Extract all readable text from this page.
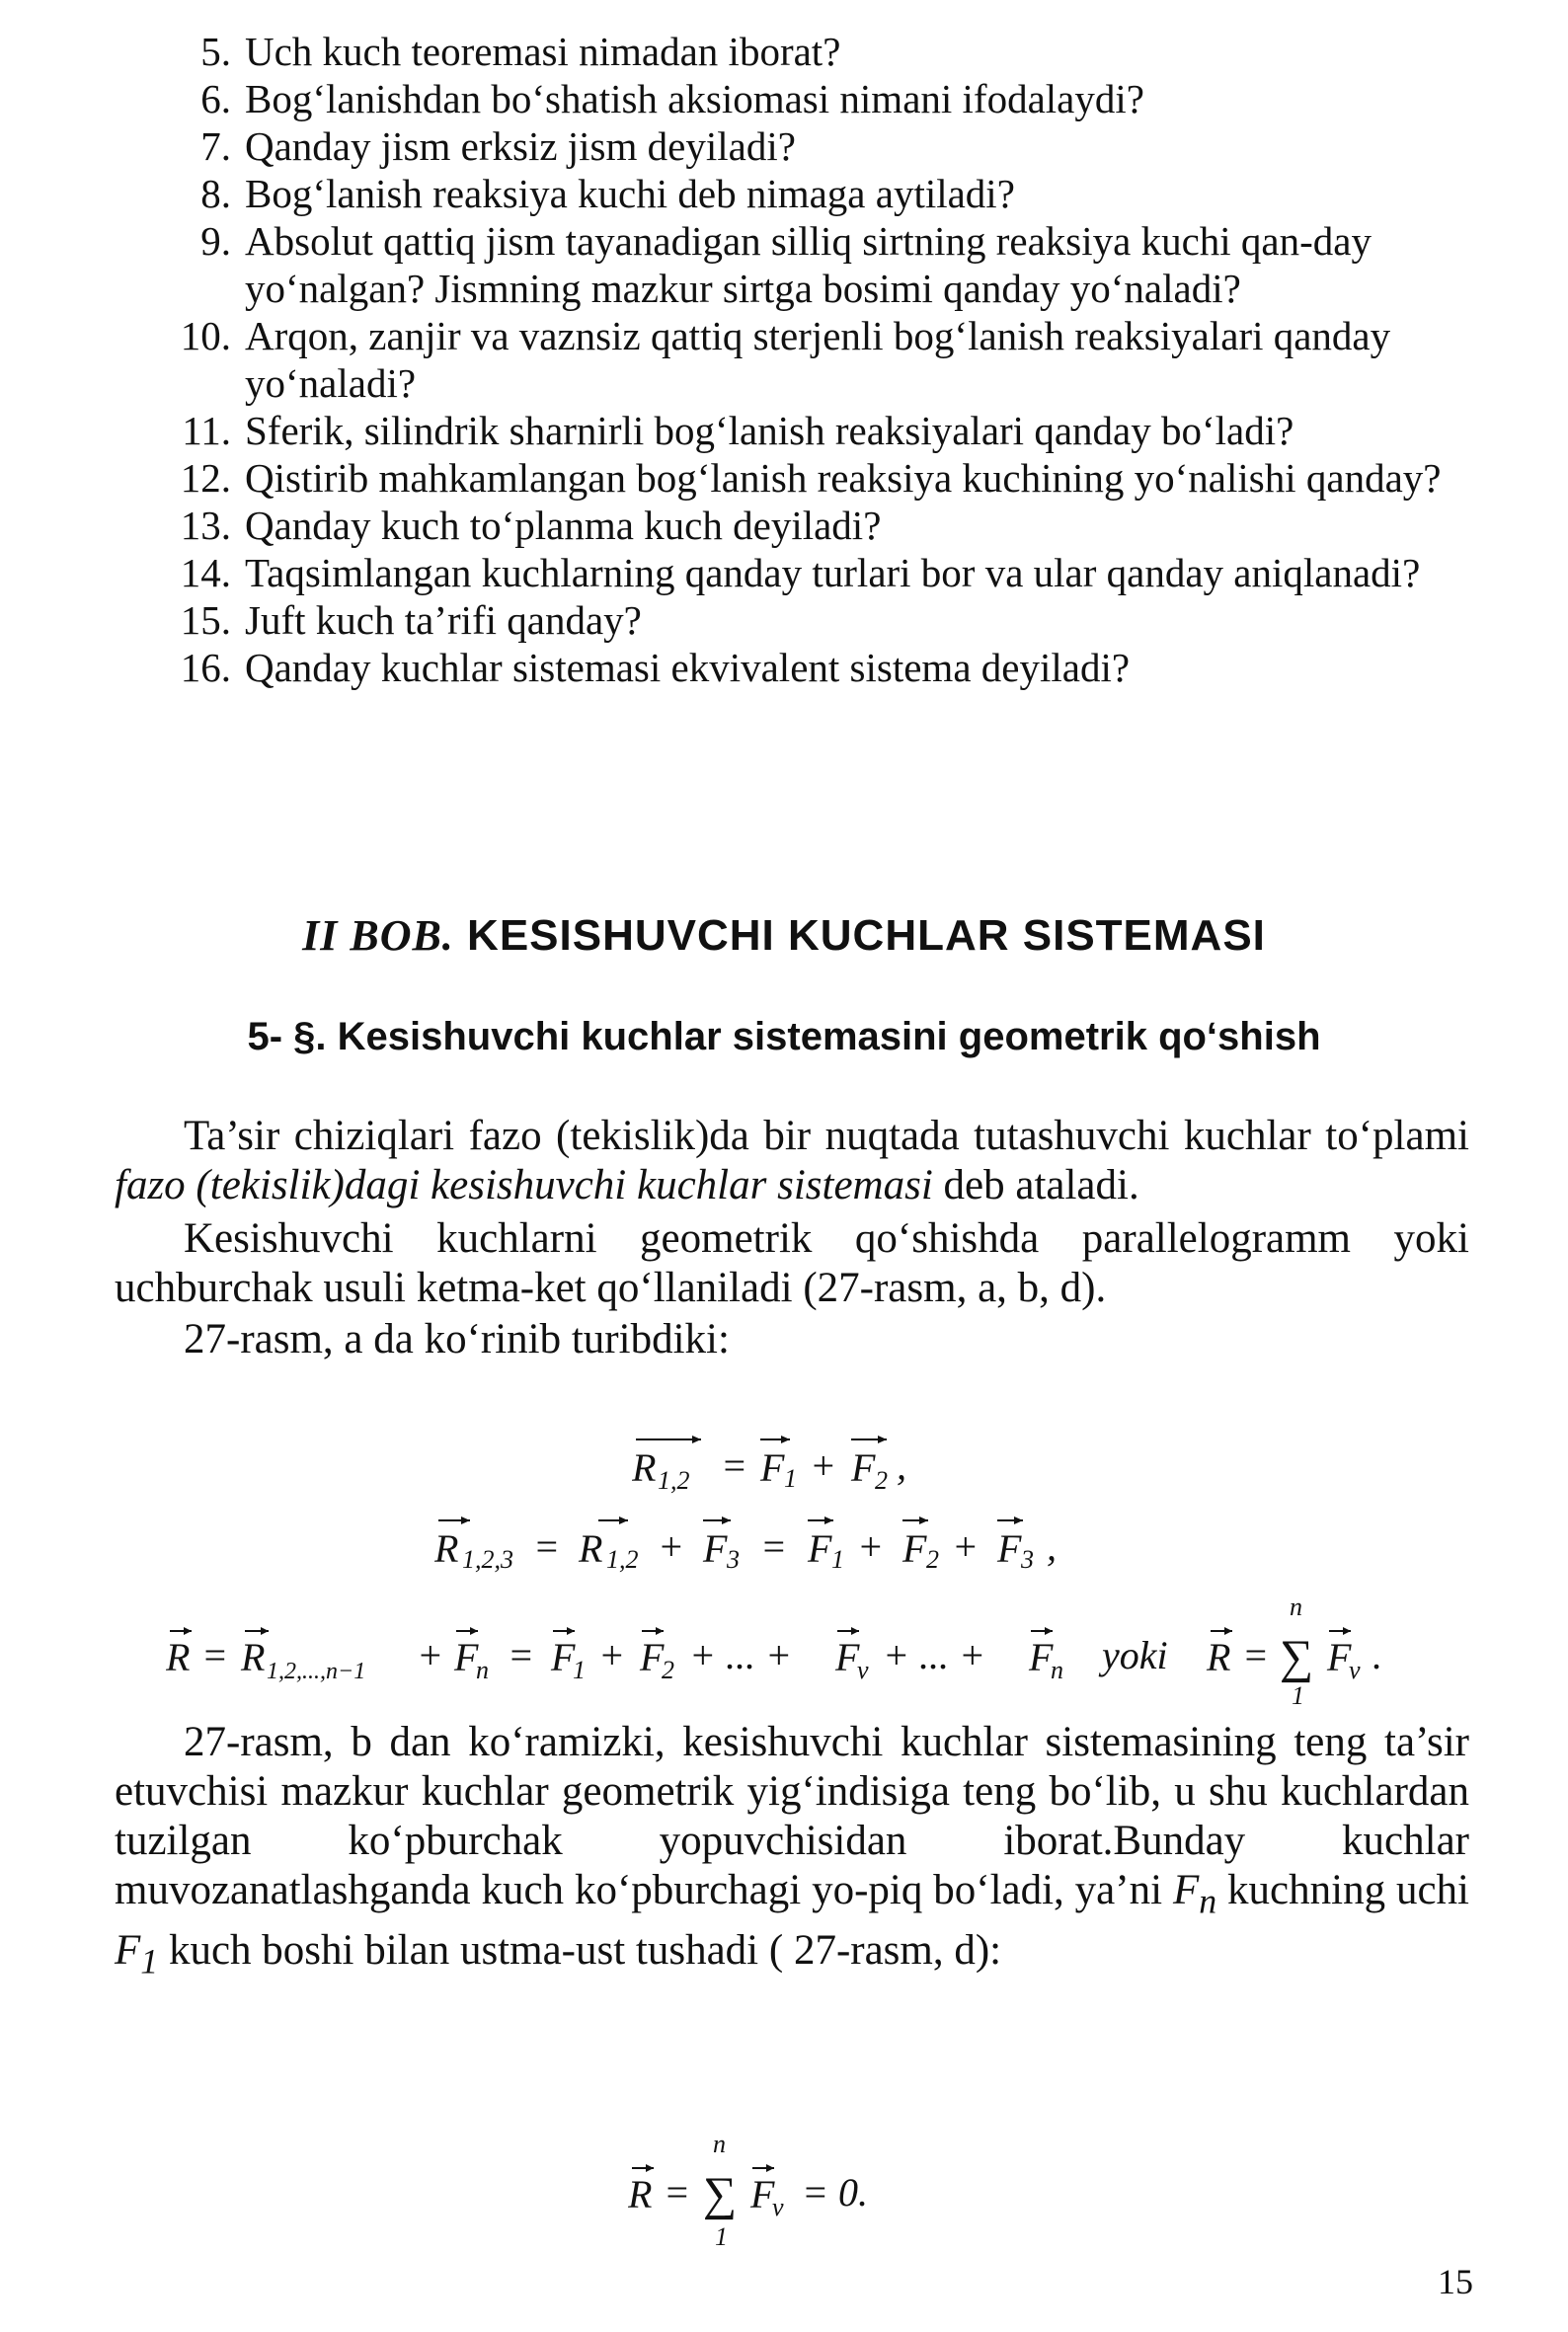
5. Uch kuch teoremasi nimadan iborat?
6. Bog‘lanishdan bo‘shatish aksiomasi nimani ifodalaydi?
7. Qanday jism erksiz jism deyiladi?
8. Bog‘lanish reaksiya kuchi deb nimaga aytiladi?
9. Absolut qattiq jism tayanadigan silliq sirtning reaksiya kuchi qan-day yo‘nalgan? Jismning mazkur sirtga bosimi qanday yo‘naladi?
10. Arqon, zanjir va vaznsiz qattiq sterjenli bog‘lanish reaksiyalari qanday yo‘naladi?
11. Sferik, silindrik sharnirli bog‘lanish reaksiyalari qanday bo‘ladi?
12. Qistirib mahkamlangan bog‘lanish reaksiya kuchining yo‘nalishi qanday?
13. Qanday kuch to‘planma kuch deyiladi?
14. Taqsimlangan kuchlarning qanday turlari bor va ular qanday aniqlanadi?
15. Juft kuch ta’rifi qanday?
16. Qanday kuchlar sistemasi ekvivalent sistema deyiladi?
II BOB. KESISHUVCHI KUCHLAR SISTEMASI
5- §. Kesishuvchi kuchlar sistemasini geometrik qo‘shish
Ta’sir chiziqlari fazo (tekislik)da bir nuqtada tutashuvchi kuchlar to‘plami fazo (tekislik)dagi kesishuvchi kuchlar sistemasi deb ataladi.
Kesishuvchi kuchlarni geometrik qo‘shishda parallelogramm yoki uchburchak usuli ketma-ket qo‘llaniladi (27-rasm, a, b, d).
27-rasm, a da ko‘rinib turibdiki:
R 1,2 = F 1 + F 2 ,
R 1,2,3 = R 1,2 + F 3 = F 1 + F 2 + F 3 ,
R = R 1,2,...,n−1 + F
n = F
1 + F
2 + ... + F
v + ... + F
n yoki R =
n
∑
1
F
v .
27-rasm, b dan ko‘ramizki, kesishuvchi kuchlar sistemasining teng ta’sir etuvchisi mazkur kuchlar geometrik yig‘indisiga teng bo‘lib, u shu kuchlardan tuzilgan ko‘pburchak yopuvchisidan iborat.Bunday kuchlar muvozanatlashganda kuch ko‘pburchagi yo-piq bo‘ladi, ya’ni $F_n$ kuchning uchi $F_1$ kuch boshi bilan ustma-ust tushadi ( 27-rasm, d):
R =
n
∑
1
F
v = 0.
15
